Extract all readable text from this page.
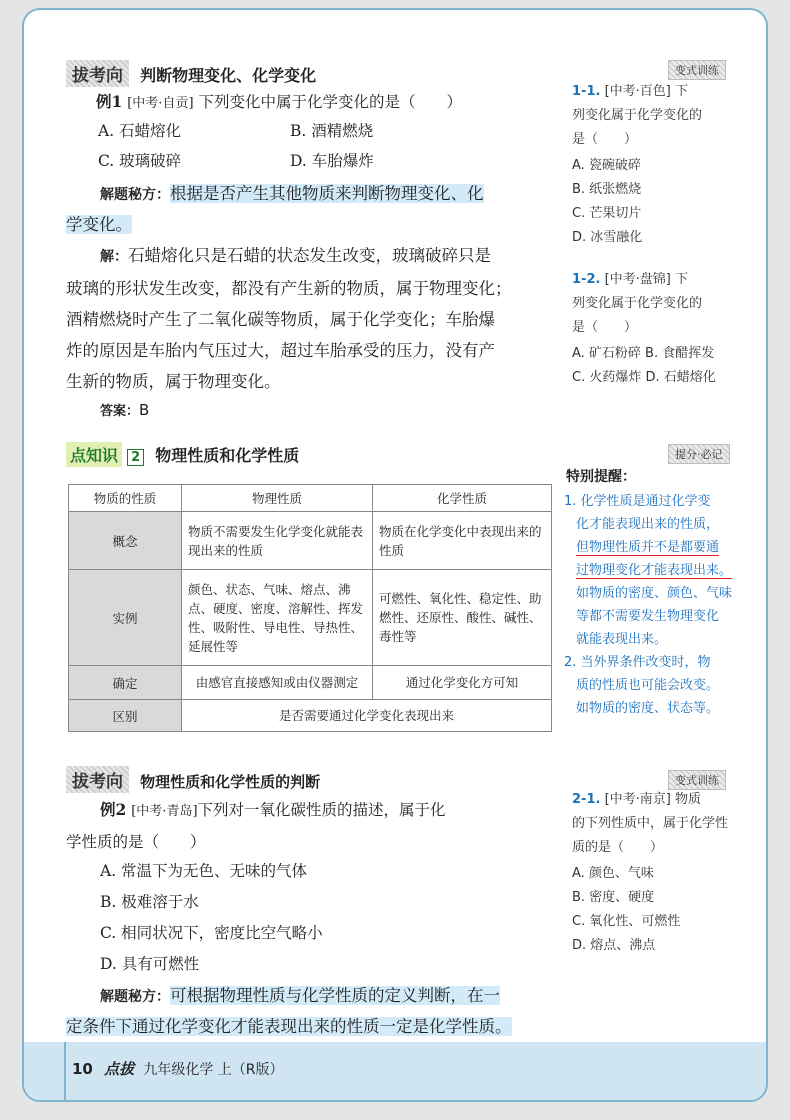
拔考向 判断物理变化、化学变化	变式训练
例1 [中考·自贡] 下列变化中属于化学变化的是（　　）
A. 石蜡熔化	B. 酒精燃烧
C. 玻璃破碎	D. 车胎爆炸
解题秘方：根据是否产生其他物质来判断物理变化、化
学变化。
解：石蜡熔化只是石蜡的状态发生改变，玻璃破碎只是
玻璃的形状发生改变，都没有产生新的物质，属于物理变化；
酒精燃烧时产生了二氧化碳等物质，属于化学变化；车胎爆
炸的原因是车胎内气压过大，超过车胎承受的压力，没有产
生新的物质，属于物理变化。
答案：B
1-1. [中考·百色] 下
列变化属于化学变化的
是（　　）
A. 瓷碗破碎
B. 纸张燃烧
C. 芒果切片
D. 冰雪融化
1-2. [中考·盘锦] 下
列变化属于化学变化的
是（　　）
A. 矿石粉碎 B. 食醋挥发
C. 火药爆炸 D. 石蜡熔化
点知识 2 物理性质和化学性质	提分·必记
物质的性质	物理性质	化学性质
概念	物质不需要发生化学变化就能表现出来的性质	物质在化学变化中表现出来的性质
实例	颜色、状态、气味、熔点、沸点、硬度、密度、溶解性、挥发性、吸附性、导电性、导热性、延展性等	可燃性、氧化性、稳定性、助燃性、还原性、酸性、碱性、毒性等
确定	由感官直接感知或由仪器测定	通过化学变化方可知
区别	是否需要通过化学变化表现出来	
特别提醒：
1. 化学性质是通过化学变
化才能表现出来的性质，
但物理性质并不是都要通
过物理变化才能表现出来。
如物质的密度、颜色、气味
等都不需要发生物理变化
就能表现出来。
2. 当外界条件改变时，物
质的性质也可能会改变。
如物质的密度、状态等。
拔考向 物理性质和化学性质的判断	变式训练
例2 [中考·青岛]下列对一氧化碳性质的描述，属于化
学性质的是（　　）
A. 常温下为无色、无味的气体
B. 极难溶于水
C. 相同状况下，密度比空气略小
D. 具有可燃性
解题秘方：可根据物理性质与化学性质的定义判断，在一
定条件下通过化学变化才能表现出来的性质一定是化学性质。
2-1. [中考·南京] 物质
的下列性质中，属于化学性
质的是（　　）
A. 颜色、气味
B. 密度、硬度
C. 氧化性、可燃性
D. 熔点、沸点
10 点拔 九年级化学 上（R版）
